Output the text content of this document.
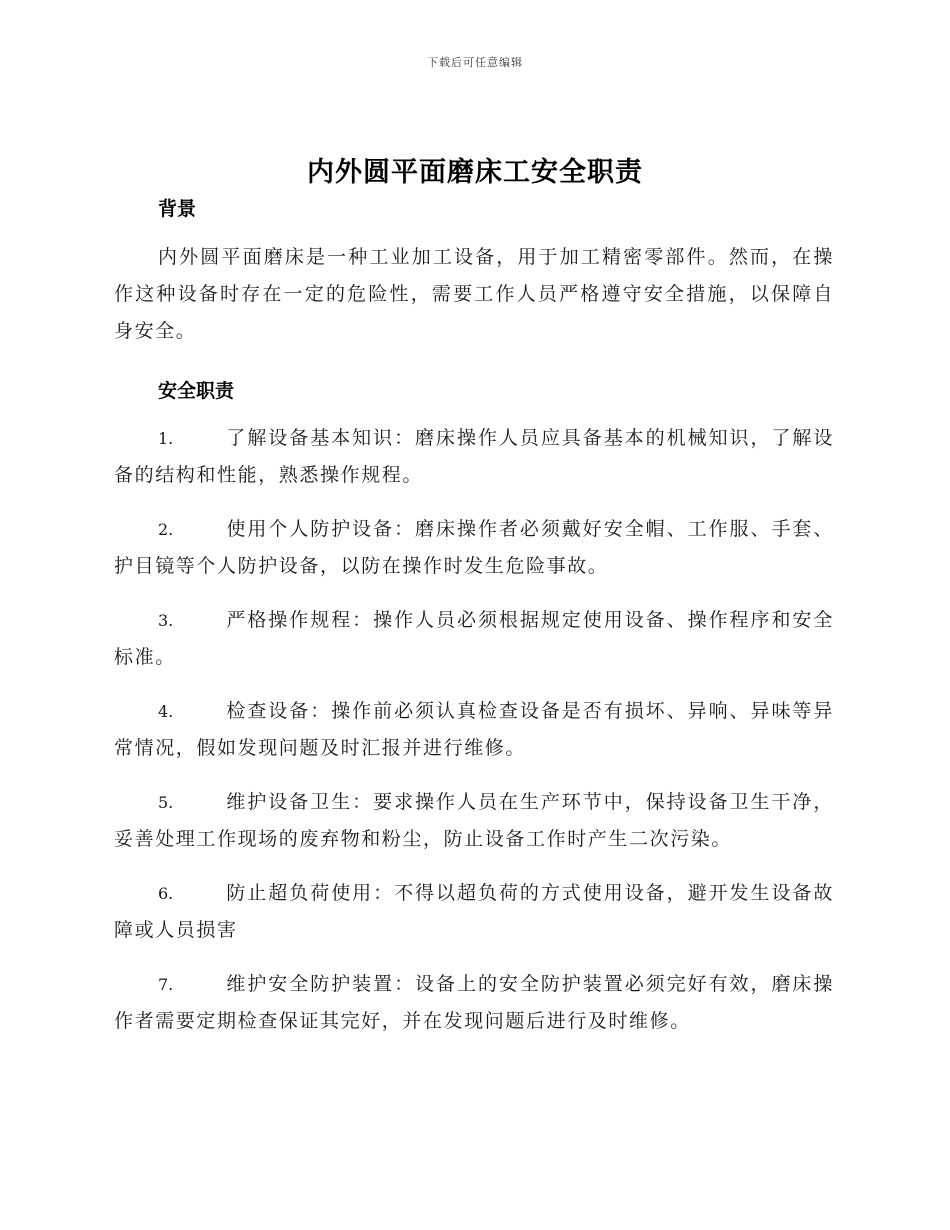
下载后可任意编辑
内外圆平面磨床工安全职责
背景

内外圆平面磨床是一种工业加工设备，用于加工精密零部件。然而，在操作这种设备时存在一定的危险性，需要工作人员严格遵守安全措施，以保障自身安全。

安全职责

1.	了解设备基本知识：磨床操作人员应具备基本的机械知识，了解设备的结构和性能，熟悉操作规程。

2.	使用个人防护设备：磨床操作者必须戴好安全帽、工作服、手套、护目镜等个人防护设备，以防在操作时发生危险事故。

3.	严格操作规程：操作人员必须根据规定使用设备、操作程序和安全标准。

4.	检查设备：操作前必须认真检查设备是否有损坏、异响、异味等异常情况，假如发现问题及时汇报并进行维修。

5.	维护设备卫生：要求操作人员在生产环节中，保持设备卫生干净，妥善处理工作现场的废弃物和粉尘，防止设备工作时产生二次污染。

6.	防止超负荷使用：不得以超负荷的方式使用设备，避开发生设备故障或人员损害

7.	维护安全防护装置：设备上的安全防护装置必须完好有效，磨床操作者需要定期检查保证其完好，并在发现问题后进行及时维修。
